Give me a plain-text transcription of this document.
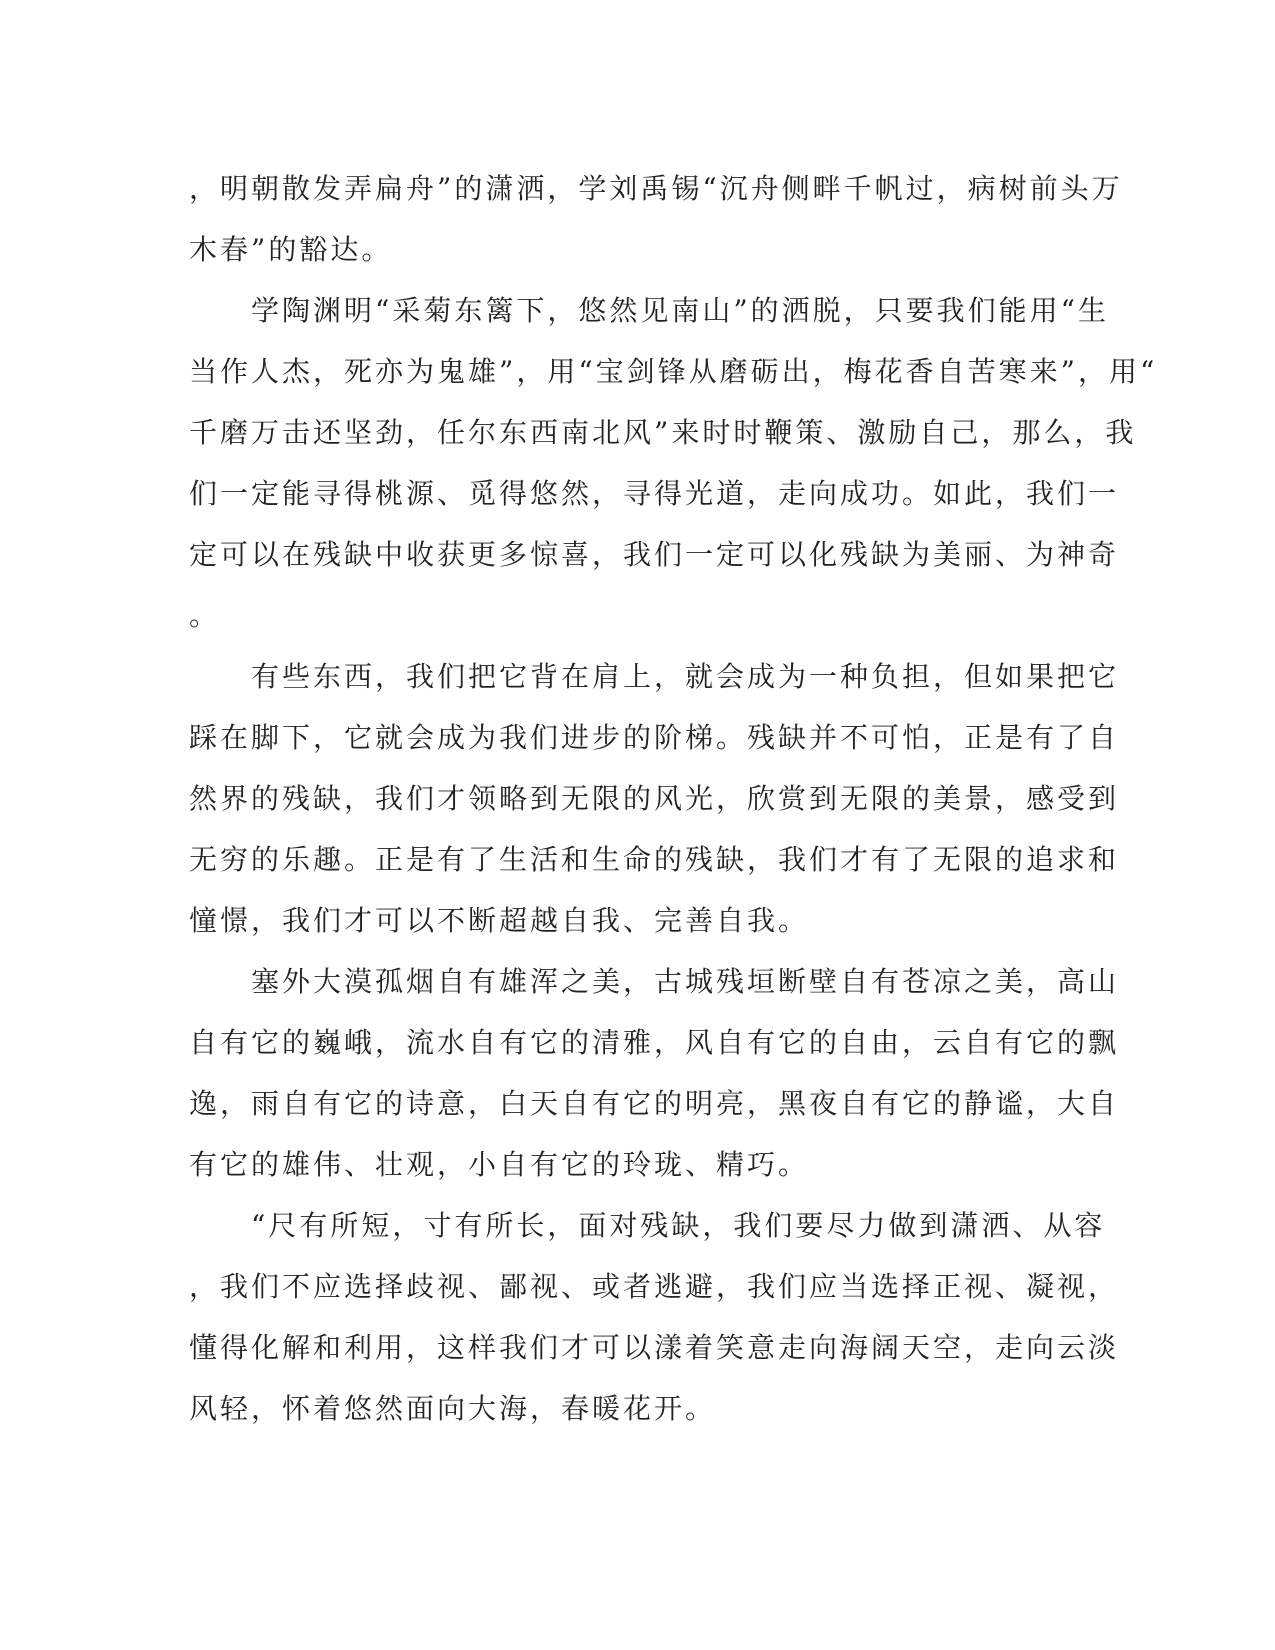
，明朝散发弄扁舟”的潇洒，学刘禹锡“沉舟侧畔千帆过，病树前头万
木春”的豁达。
　　学陶渊明“采菊东篱下，悠然见南山”的洒脱，只要我们能用“生
当作人杰，死亦为鬼雄”，用“宝剑锋从磨砺出，梅花香自苦寒来”，用“
千磨万击还坚劲，任尔东西南北风”来时时鞭策、激励自己，那么，我
们一定能寻得桃源、觅得悠然，寻得光道，走向成功。如此，我们一
定可以在残缺中收获更多惊喜，我们一定可以化残缺为美丽、为神奇
。
　　有些东西，我们把它背在肩上，就会成为一种负担，但如果把它
踩在脚下，它就会成为我们进步的阶梯。残缺并不可怕，正是有了自
然界的残缺，我们才领略到无限的风光，欣赏到无限的美景，感受到
无穷的乐趣。正是有了生活和生命的残缺，我们才有了无限的追求和
憧憬，我们才可以不断超越自我、完善自我。
　　塞外大漠孤烟自有雄浑之美，古城残垣断壁自有苍凉之美，高山
自有它的巍峨，流水自有它的清雅，风自有它的自由，云自有它的飘
逸，雨自有它的诗意，白天自有它的明亮，黑夜自有它的静谧，大自
有它的雄伟、壮观，小自有它的玲珑、精巧。
　　“尺有所短，寸有所长，面对残缺，我们要尽力做到潇洒、从容
，我们不应选择歧视、鄙视、或者逃避，我们应当选择正视、凝视，
懂得化解和利用，这样我们才可以漾着笑意走向海阔天空，走向云淡
风轻，怀着悠然面向大海，春暖花开。
